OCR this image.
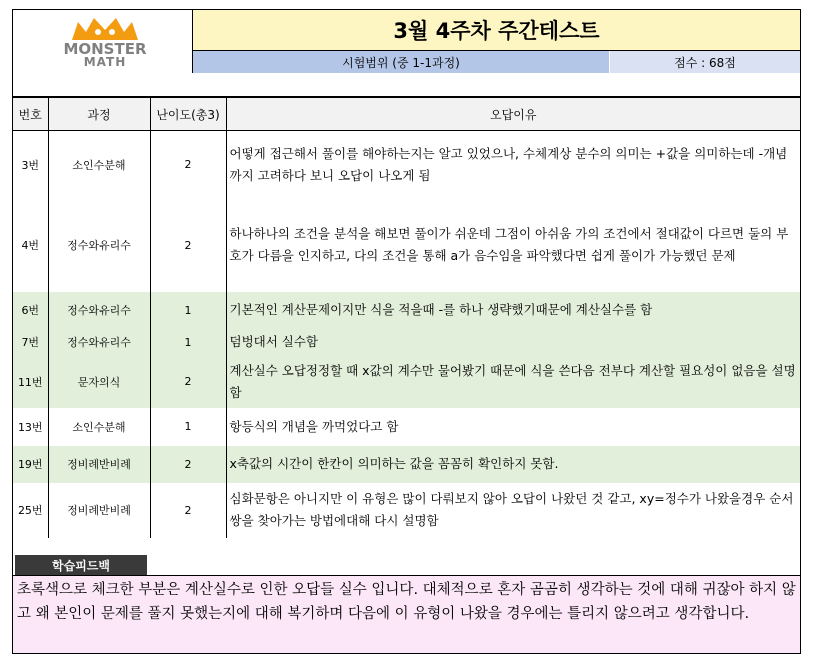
MONSTER
MATH
3월 4주차 주간테스트
시험범위 (중 1-1과정)	점수 : 68점
번호	과정	난이도(총3)	오답이유
3번	소인수분해	2	어떻게 접근해서 풀이를 해야하는지는 알고 있었으나, 수체계상 분수의 의미는 +값을 의미하는데 -개념까지 고려하다 보니 오답이 나오게 됨
4번	정수와유리수	2	하나하나의 조건을 분석을 해보면 풀이가 쉬운데 그점이 아쉬움 가의 조건에서 절대값이 다르면 둘의 부호가 다름을 인지하고, 다의 조건을 통해 a가 음수임을 파악했다면 쉽게 풀이가 가능했던 문제
6번	정수와유리수	1	기본적인 계산문제이지만 식을 적을때 -를 하나 생략했기때문에 계산실수를 함
7번	정수와유리수	1	덤벙대서 실수함
11번	문자의식	2	계산실수 오답정정할 때 x값의 계수만 물어봤기 때문에 식을 쓴다음 전부다 계산할 필요성이 없음을 설명함
13번	소인수분해	1	항등식의 개념을 까먹었다고 함
19번	정비례반비례	2	x축값의 시간이 한칸이 의미하는 값을 꼼꼼히 확인하지 못함.
25번	정비례반비례	2	심화문항은 아니지만 이 유형은 많이 다뤄보지 않아 오답이 나왔던 것 같고, xy=정수가 나왔을경우 순서쌍을 찾아가는 방법에대해 다시 설명함
학습피드백
초록색으로 체크한 부분은 계산실수로 인한 오답들 실수 입니다. 대체적으로 혼자 곰곰히 생각하는 것에 대해 귀잖아 하지 않고 왜 본인이 문제를 풀지 못했는지에 대해 복기하며 다음에 이 유형이 나왔을 경우에는 틀리지 않으려고 생각합니다.
